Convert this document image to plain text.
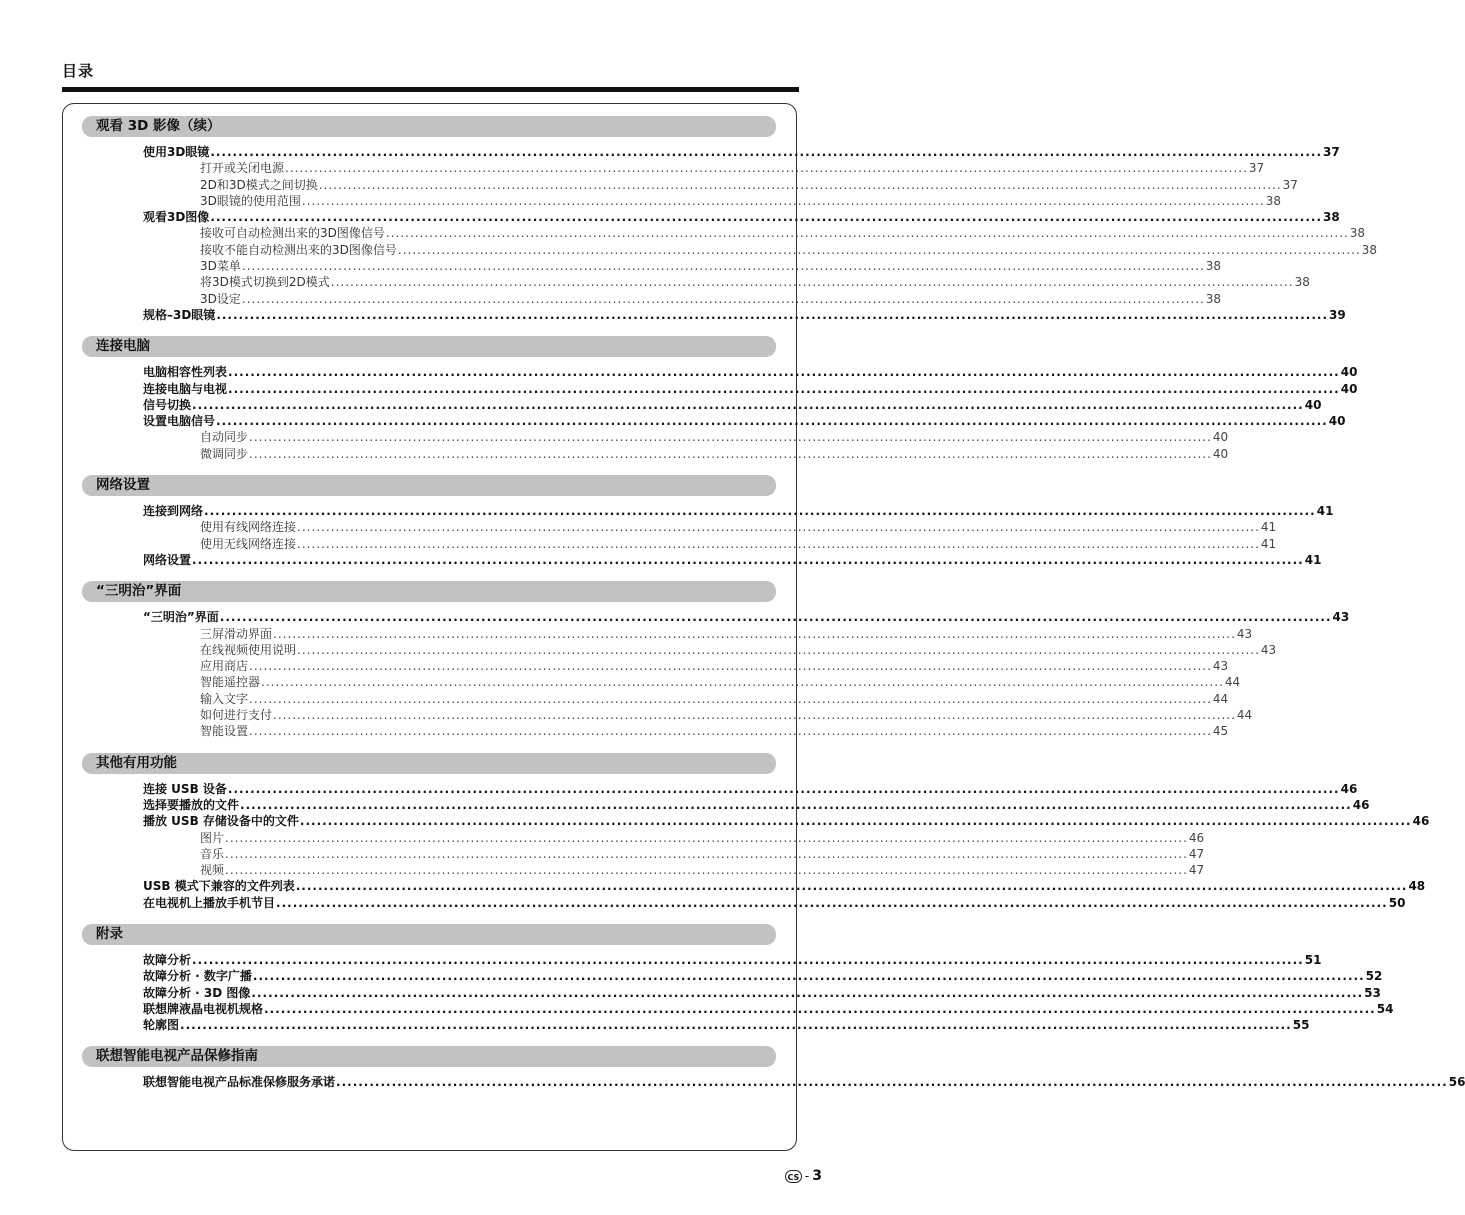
目录
观看 3D 影像（续）
使用3D眼镜 ........................................................................................................................................................................................................ 37
打开或关闭电源 ........................................................................................................................................................................................................ 37
2D和3D模式之间切换 ........................................................................................................................................................................................................ 37
3D眼镜的使用范围 ........................................................................................................................................................................................................ 38
观看3D图像 ........................................................................................................................................................................................................ 38
接收可自动检测出来的3D图像信号 ........................................................................................................................................................................................................ 38
接收不能自动检测出来的3D图像信号 ........................................................................................................................................................................................................ 38
3D菜单 ........................................................................................................................................................................................................ 38
将3D模式切换到2D模式 ........................................................................................................................................................................................................ 38
3D设定 ........................................................................................................................................................................................................ 38
规格–3D眼镜 ........................................................................................................................................................................................................ 39
连接电脑
电脑相容性列表 ........................................................................................................................................................................................................ 40
连接电脑与电视 ........................................................................................................................................................................................................ 40
信号切换 ........................................................................................................................................................................................................ 40
设置电脑信号 ........................................................................................................................................................................................................ 40
自动同步 ........................................................................................................................................................................................................ 40
微调同步 ........................................................................................................................................................................................................ 40
网络设置
连接到网络 ........................................................................................................................................................................................................ 41
使用有线网络连接 ........................................................................................................................................................................................................ 41
使用无线网络连接 ........................................................................................................................................................................................................ 41
网络设置 ........................................................................................................................................................................................................ 41
“三明治”界面
“三明治”界面 ........................................................................................................................................................................................................ 43
三屏滑动界面 ........................................................................................................................................................................................................ 43
在线视频使用说明 ........................................................................................................................................................................................................ 43
应用商店 ........................................................................................................................................................................................................ 43
智能遥控器 ........................................................................................................................................................................................................ 44
输入文字 ........................................................................................................................................................................................................ 44
如何进行支付 ........................................................................................................................................................................................................ 44
智能设置 ........................................................................................................................................................................................................ 45
其他有用功能
连接 USB 设备 ........................................................................................................................................................................................................ 46
选择要播放的文件 ........................................................................................................................................................................................................ 46
播放 USB 存储设备中的文件 ........................................................................................................................................................................................................ 46
图片 ........................................................................................................................................................................................................ 46
音乐 ........................................................................................................................................................................................................ 47
视频 ........................................................................................................................................................................................................ 47
USB 模式下兼容的文件列表 ........................................................................................................................................................................................................ 48
在电视机上播放手机节目 ........................................................................................................................................................................................................ 50
附录
故障分析 ........................................................................................................................................................................................................ 51
故障分析 · 数字广播 ........................................................................................................................................................................................................ 52
故障分析 · 3D 图像 ........................................................................................................................................................................................................ 53
联想牌液晶电视机规格 ........................................................................................................................................................................................................ 54
轮廓图 ........................................................................................................................................................................................................ 55
联想智能电视产品保修指南
联想智能电视产品标准保修服务承诺 ........................................................................................................................................................................................................ 56
CS - 3
